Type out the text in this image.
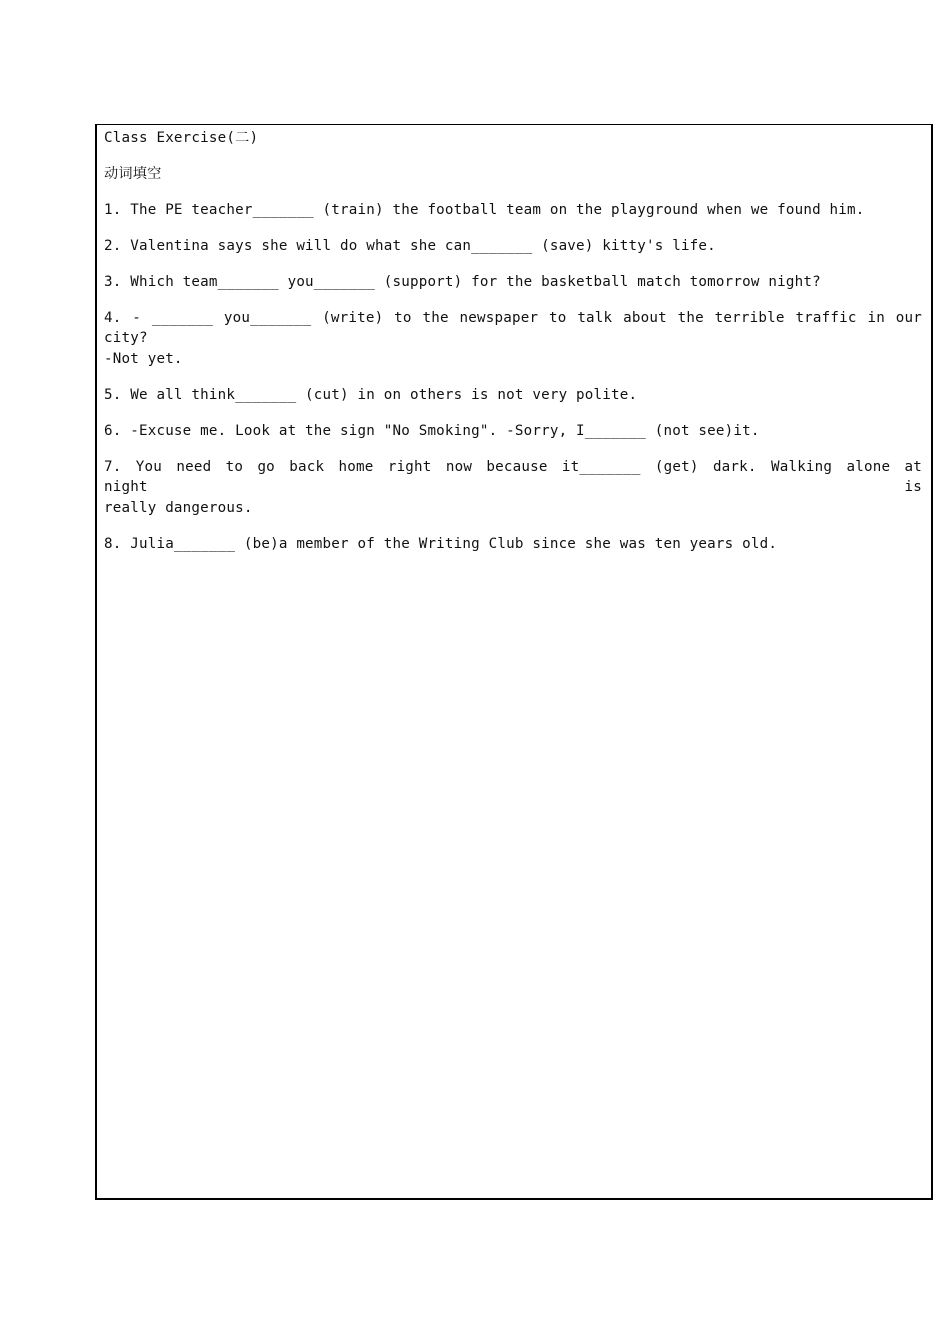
Class Exercise(二)
动词填空
1. The PE teacher_______ (train) the football team on the playground when we found him.
2. Valentina says she will do what she can_______ (save) kitty's life.
3. Which team_______ you_______ (support) for the basketball match tomorrow night?
4. - _______ you_______ (write) to the newspaper to talk about the terrible traffic in our city?
-Not yet.
5. We all think_______ (cut) in on others is not very polite.
6. -Excuse me. Look at the sign "No Smoking". -Sorry, I_______ (not see)it.
7. You need to go back home right now because it_______ (get) dark. Walking alone at night is
really dangerous.
8. Julia_______ (be)a member of the Writing Club since she was ten years old.
